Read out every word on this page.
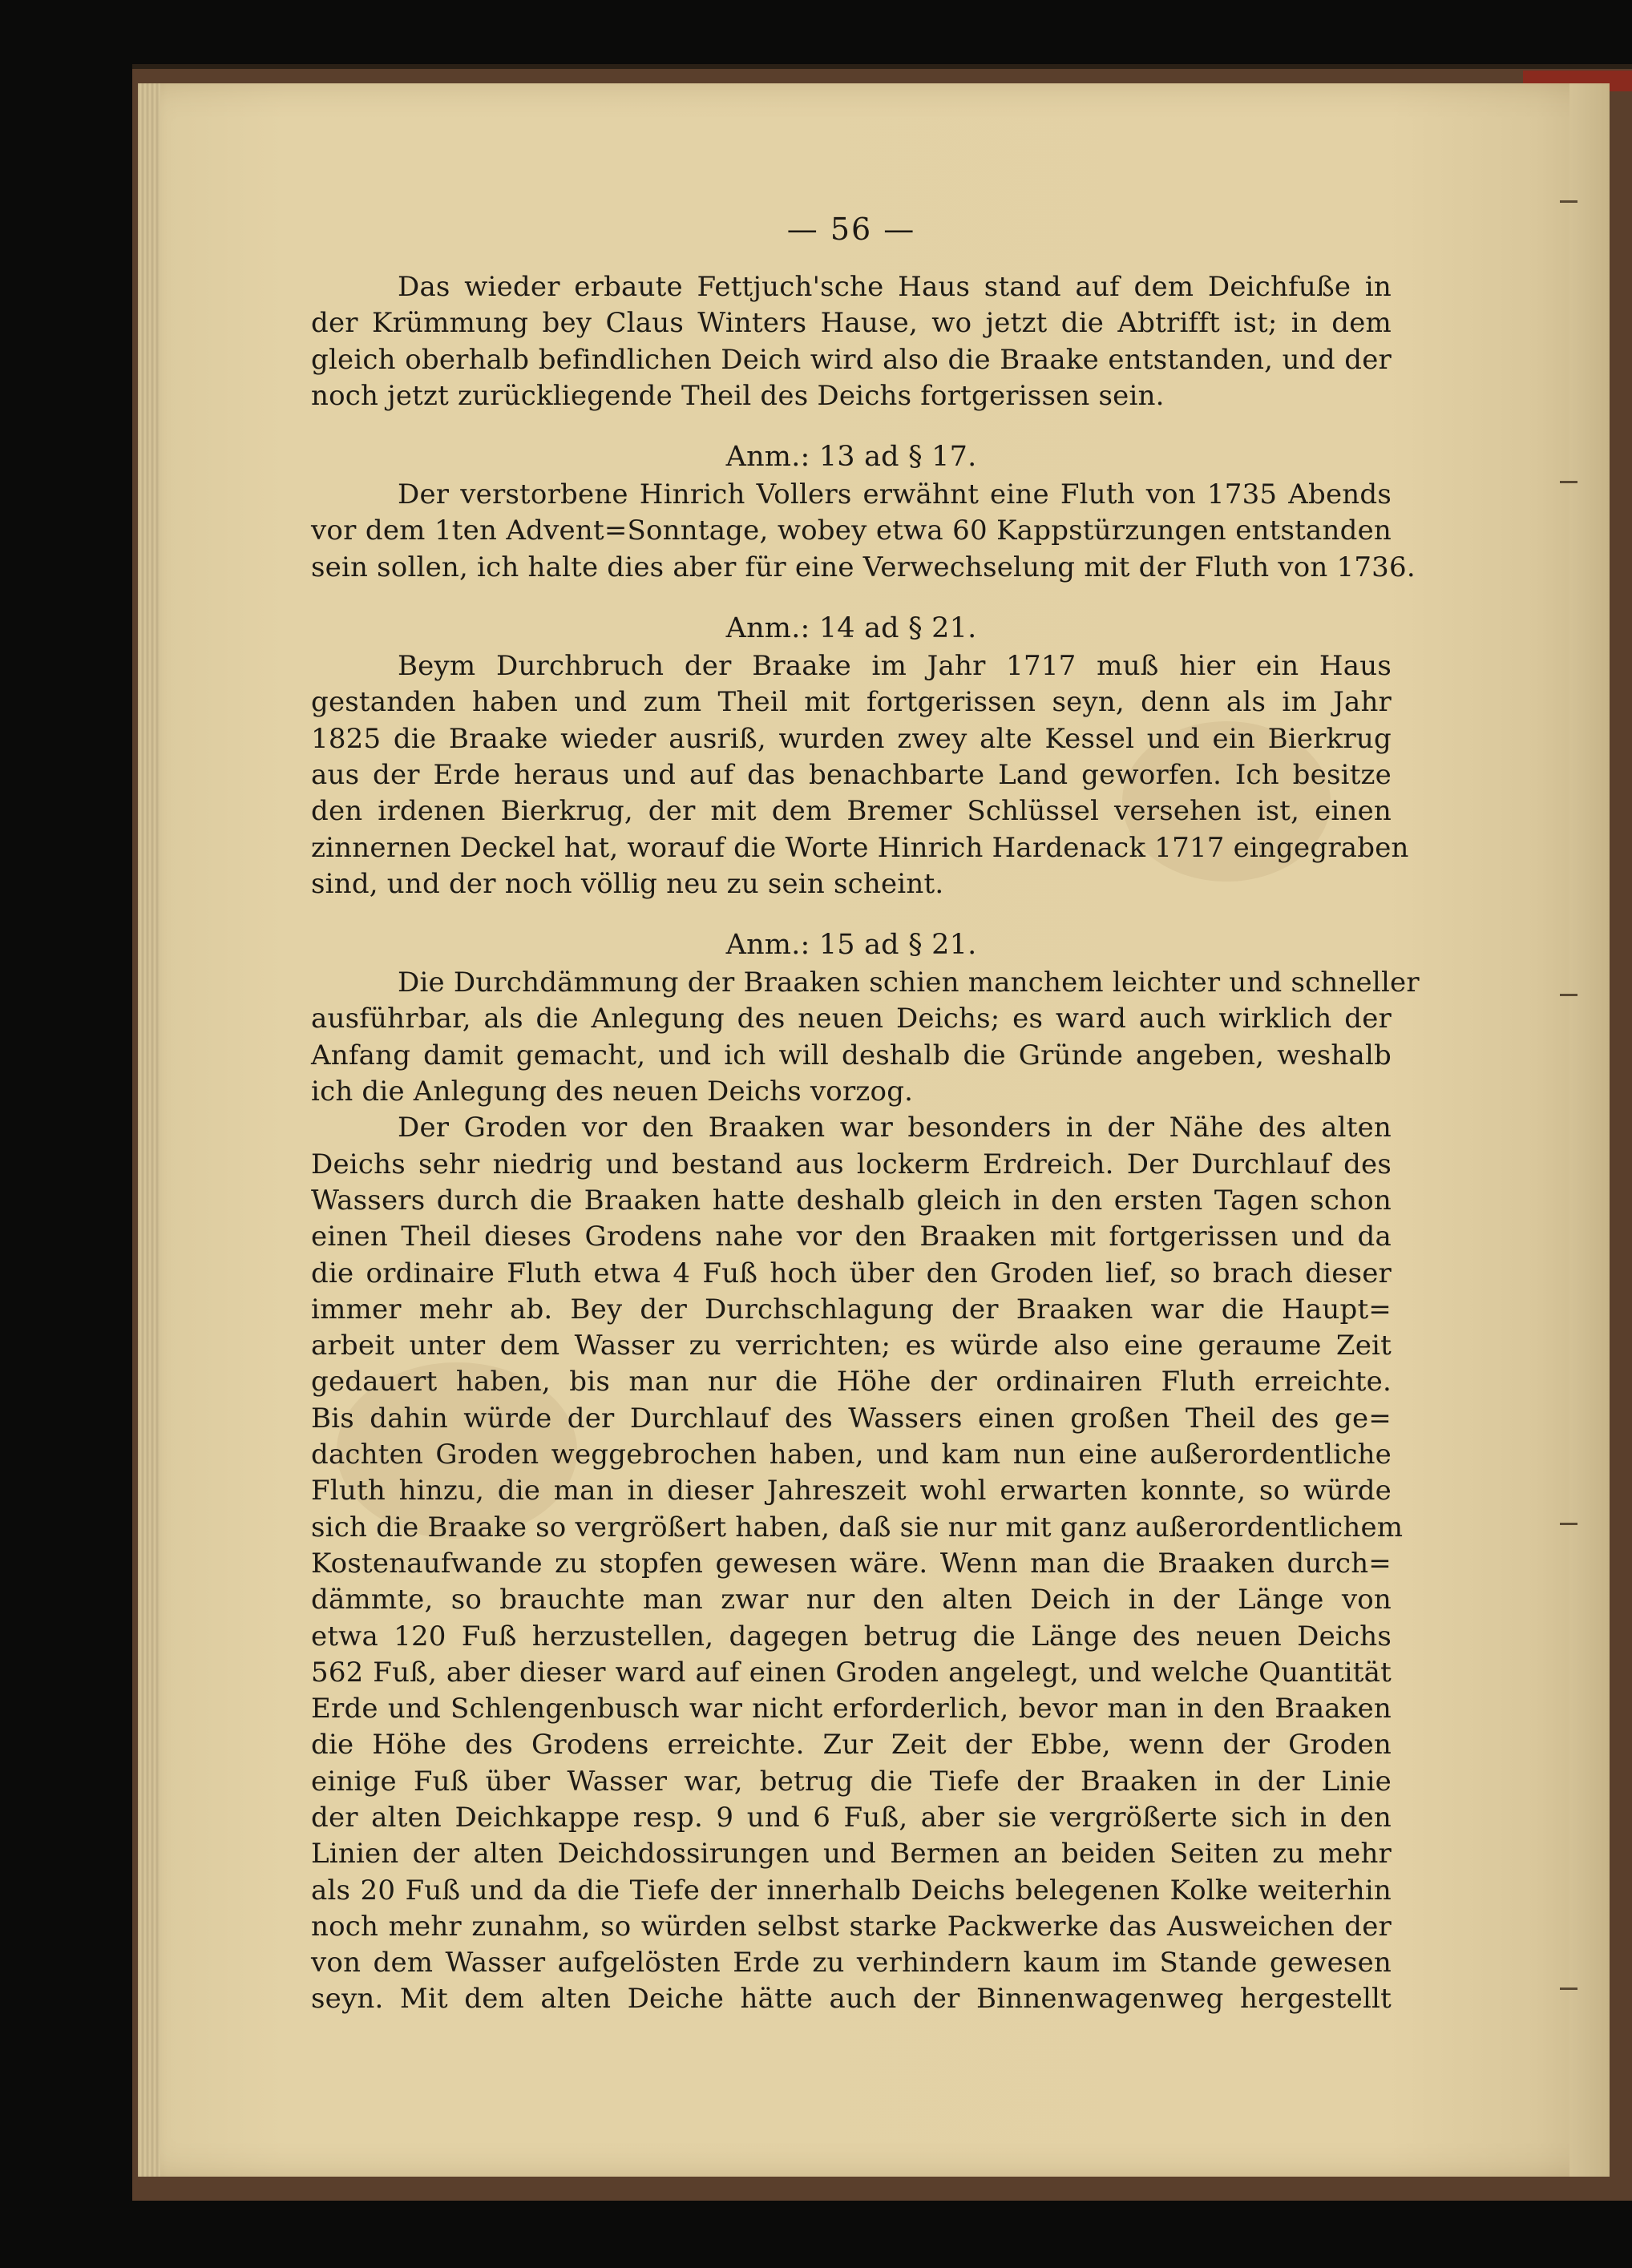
— 56 —
Das wieder erbaute Fettjuch'sche Haus stand auf dem Deichfuße in
der Krümmung bey Claus Winters Hause, wo jetzt die Abtrifft ist; in dem
gleich oberhalb befindlichen Deich wird also die Braake entstanden, und der
noch jetzt zurückliegende Theil des Deichs fortgerissen sein.
Anm.: 13 ad § 17.
Der verstorbene Hinrich Vollers erwähnt eine Fluth von 1735 Abends
vor dem 1ten Advent=Sonntage, wobey etwa 60 Kappstürzungen entstanden
sein sollen, ich halte dies aber für eine Verwechselung mit der Fluth von 1736.
Anm.: 14 ad § 21.
Beym Durchbruch der Braake im Jahr 1717 muß hier ein Haus
gestanden haben und zum Theil mit fortgerissen seyn, denn als im Jahr
1825 die Braake wieder ausriß, wurden zwey alte Kessel und ein Bierkrug
aus der Erde heraus und auf das benachbarte Land geworfen. Ich besitze
den irdenen Bierkrug, der mit dem Bremer Schlüssel versehen ist, einen
zinnernen Deckel hat, worauf die Worte Hinrich Hardenack 1717 eingegraben
sind, und der noch völlig neu zu sein scheint.
Anm.: 15 ad § 21.
Die Durchdämmung der Braaken schien manchem leichter und schneller
ausführbar, als die Anlegung des neuen Deichs; es ward auch wirklich der
Anfang damit gemacht, und ich will deshalb die Gründe angeben, weshalb
ich die Anlegung des neuen Deichs vorzog.
Der Groden vor den Braaken war besonders in der Nähe des alten
Deichs sehr niedrig und bestand aus lockerm Erdreich. Der Durchlauf des
Wassers durch die Braaken hatte deshalb gleich in den ersten Tagen schon
einen Theil dieses Grodens nahe vor den Braaken mit fortgerissen und da
die ordinaire Fluth etwa 4 Fuß hoch über den Groden lief, so brach dieser
immer mehr ab. Bey der Durchschlagung der Braaken war die Haupt=
arbeit unter dem Wasser zu verrichten; es würde also eine geraume Zeit
gedauert haben, bis man nur die Höhe der ordinairen Fluth erreichte.
Bis dahin würde der Durchlauf des Wassers einen großen Theil des ge=
dachten Groden weggebrochen haben, und kam nun eine außerordentliche
Fluth hinzu, die man in dieser Jahreszeit wohl erwarten konnte, so würde
sich die Braake so vergrößert haben, daß sie nur mit ganz außerordentlichem
Kostenaufwande zu stopfen gewesen wäre. Wenn man die Braaken durch=
dämmte, so brauchte man zwar nur den alten Deich in der Länge von
etwa 120 Fuß herzustellen, dagegen betrug die Länge des neuen Deichs
562 Fuß, aber dieser ward auf einen Groden angelegt, und welche Quantität
Erde und Schlengenbusch war nicht erforderlich, bevor man in den Braaken
die Höhe des Grodens erreichte. Zur Zeit der Ebbe, wenn der Groden
einige Fuß über Wasser war, betrug die Tiefe der Braaken in der Linie
der alten Deichkappe resp. 9 und 6 Fuß, aber sie vergrößerte sich in den
Linien der alten Deichdossirungen und Bermen an beiden Seiten zu mehr
als 20 Fuß und da die Tiefe der innerhalb Deichs belegenen Kolke weiterhin
noch mehr zunahm, so würden selbst starke Packwerke das Ausweichen der
von dem Wasser aufgelösten Erde zu verhindern kaum im Stande gewesen
seyn. Mit dem alten Deiche hätte auch der Binnenwagenweg hergestellt
